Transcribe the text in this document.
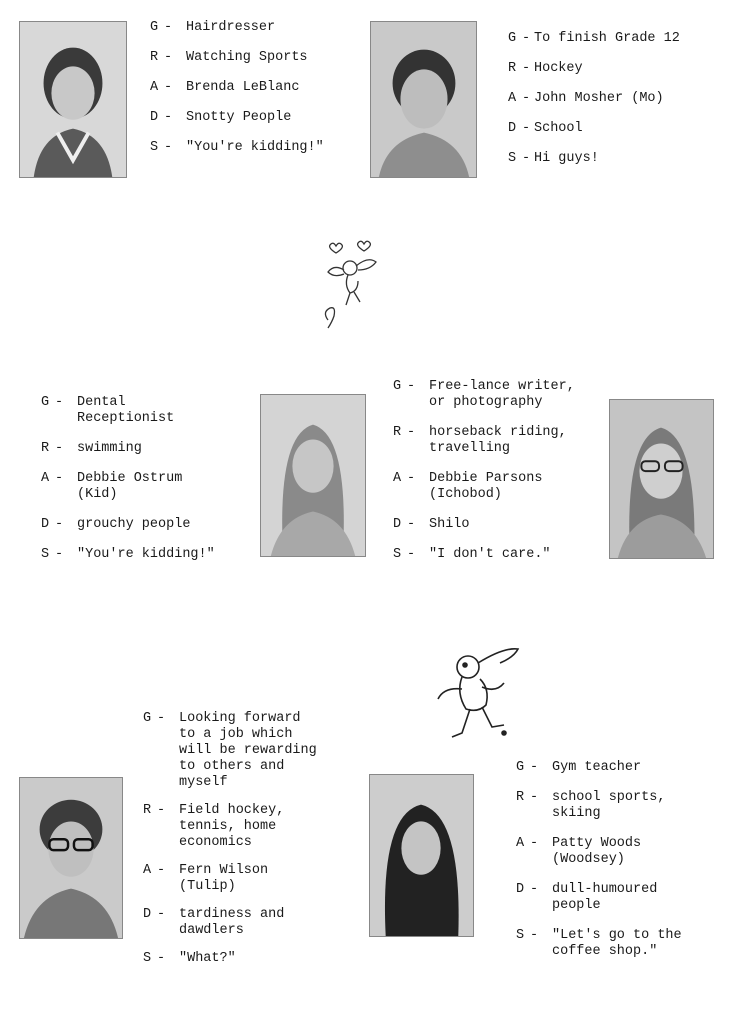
G -	Hairdresser
R -	Watching Sports
A -	Brenda LeBlanc
D -	Snotty People
S -	"You're kidding!"
G - To finish Grade 12
R - Hockey
A - John Mosher (Mo)
D - School
S - Hi guys!
G -	Dental
Receptionist
R -	swimming
A -	Debbie Ostrum
(Kid)
D -	grouchy people
S -	"You're kidding!"
G -	Free-lance writer,
or photography
R -	horseback riding,
travelling
A -	Debbie Parsons
(Ichobod)
D -	Shilo
S -	"I don't care."
G -	Looking forward
to a job which
will be rewarding
to others and
myself
R -	Field hockey,
tennis, home
economics
A -	Fern Wilson
(Tulip)
D -	tardiness and
dawdlers
S -	"What?"
G -	Gym teacher
R -	school sports,
skiing
A -	Patty Woods
(Woodsey)
D -	dull-humoured
people
S -	"Let's go to the
coffee shop."
